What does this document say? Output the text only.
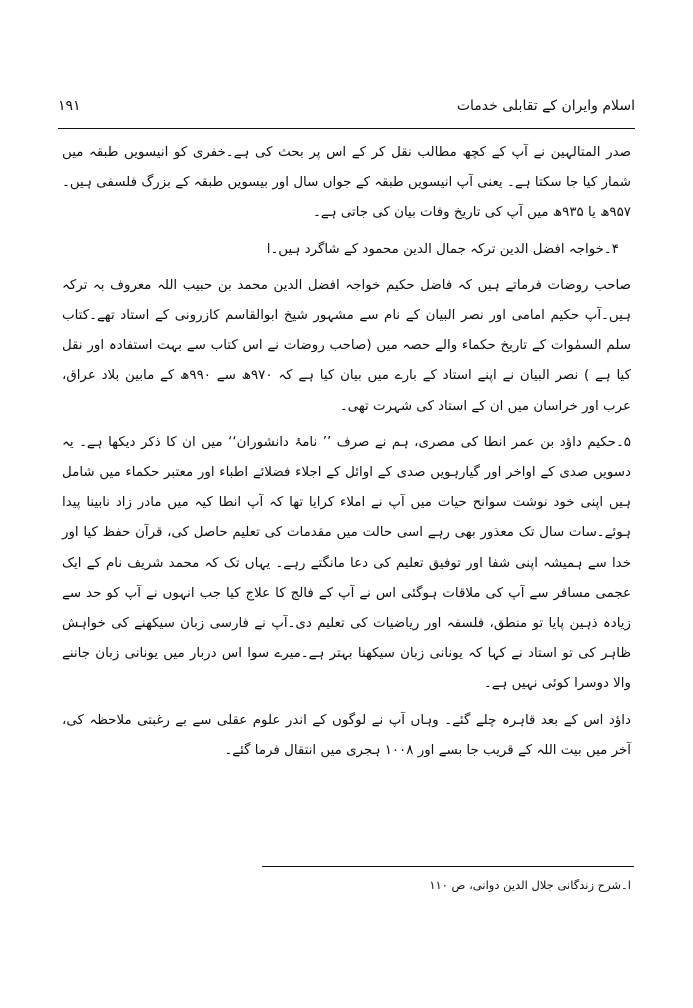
اسلام وایران کے تقابلی خدمات
۱۹۱

صدر المتالہین نے آپ کے کچھ مطالب نقل کر کے اس پر بحث کی ہے۔خفری کو انیسویں طبقہ میں شمار کیا جا سکتا ہے۔ یعنی آپ انیسویں طبقہ کے جواں سال اور بیسویں طبقہ کے بزرگ فلسفی ہیں۔ ۹۵۷ھ یا ۹۳۵ھ میں آپ کی تاریخ وفات بیان کی جاتی ہے۔

۴۔خواجہ افضل الدین ترکہ جمال الدین محمود کے شاگرد ہیں۔ا

صاحب روضات فرماتے ہیں کہ فاضل حکیم خواجہ افضل الدین محمد بن حبیب اللہ معروف بہ ترکہ ہیں۔آپ حکیم امامی اور نصر البیان کے نام سے مشہور شیخ ابوالقاسم کازرونی کے استاد تھے۔کتاب سلم السمٰوات کے تاریخ حکماء والے حصہ میں (صاحب روضات نے اس کتاب سے بہت استفادہ اور نقل کیا ہے ) نصر البیان نے اپنے استاد کے بارے میں بیان کیا ہے کہ ۹۷۰ھ سے ۹۹۰ھ کے مابین بلاد عراق، عرب اور خراسان میں ان کے استاد کی شہرت تھی۔

۵۔حکیم داؤد بن عمر انطا کی مصری، ہم نے صرف ’’ نامۂ دانشوران‘‘ میں ان کا ذکر دیکھا ہے۔ یہ دسویں صدی کے اواخر اور گیارہویں صدی کے اوائل کے اجلاء فضلائے اطباء اور معتبر حکماء میں شامل ہیں اپنی خود نوشت سوانح حیات میں آپ نے املاء کرایا تھا کہ آپ انطا کیہ میں مادر زاد نابینا پیدا ہوئے۔سات سال تک معذور بھی رہے اسی حالت میں مقدمات کی تعلیم حاصل کی، قرآن حفظ کیا اور خدا سے ہمیشہ اپنی شفا اور توفیق تعلیم کی دعا مانگتے رہے۔ یہاں تک کہ محمد شریف نام کے ایک عجمی مسافر سے آپ کی ملاقات ہوگئی اس نے آپ کے فالج کا علاج کیا جب انہوں نے آپ کو حد سے زیادہ ذہین پایا تو منطق، فلسفہ اور ریاضیات کی تعلیم دی۔آپ نے فارسی زبان سیکھنے کی خواہش ظاہر کی تو استاد نے کہا کہ یونانی زبان سیکھنا بہتر ہے۔میرے سوا اس دربار میں یونانی زبان جاننے والا دوسرا کوئی نہیں ہے۔

داؤد اس کے بعد قاہرہ چلے گئے۔ وہاں آپ نے لوگوں کے اندر علوم عقلی سے بے رغبتی ملاحظہ کی، آخر میں بیت اللہ کے قریب جا بسے اور ۱۰۰۸ ہجری میں انتقال فرما گئے۔

ا۔شرح زندگانی جلال الدین دوانی، ص ۱۱۰
